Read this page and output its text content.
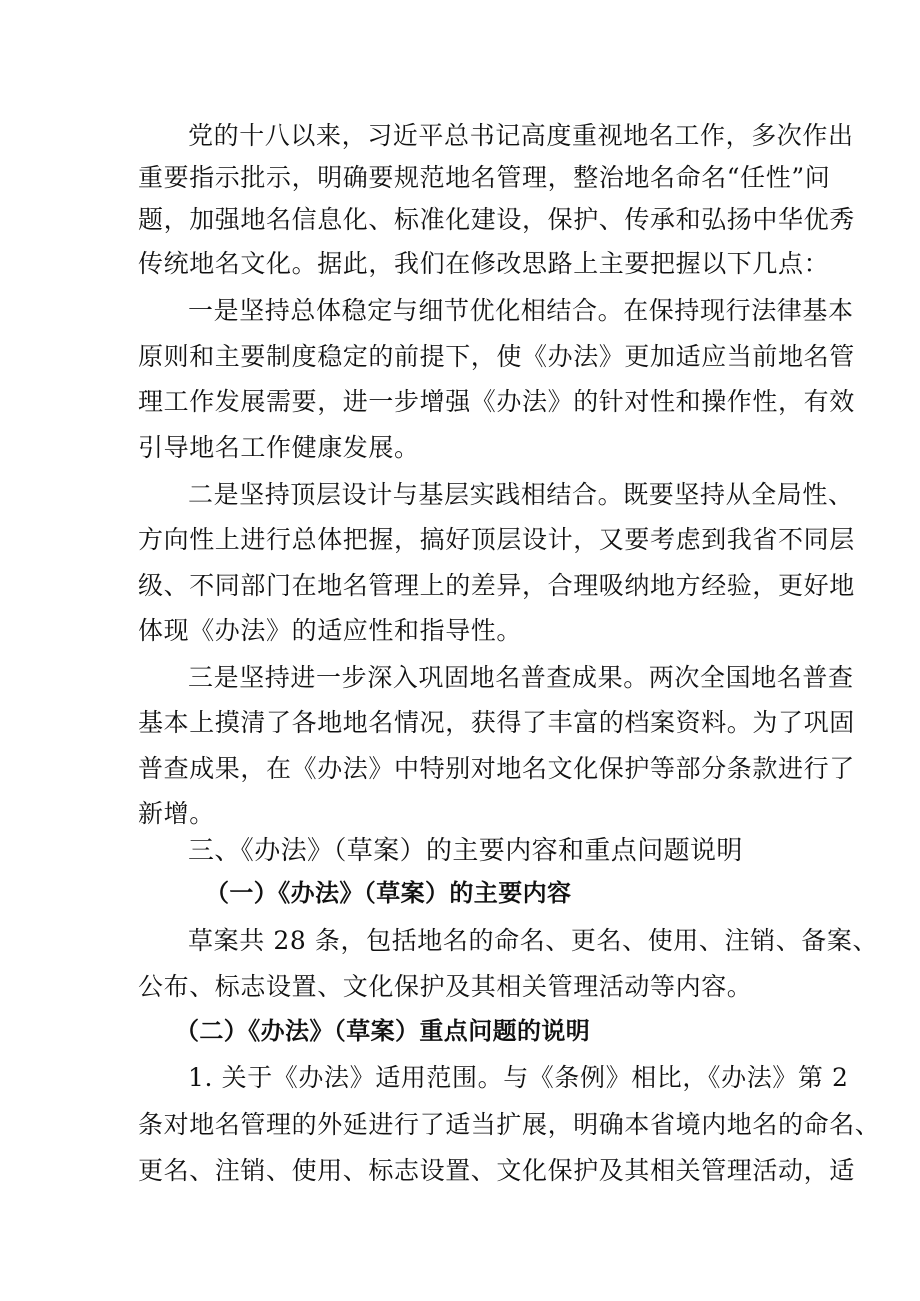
党的十八以来，习近平总书记高度重视地名工作，多次作出
重要指示批示，明确要规范地名管理，整治地名命名“任性”问
题，加强地名信息化、标准化建设，保护、传承和弘扬中华优秀
传统地名文化。据此，我们在修改思路上主要把握以下几点：
一是坚持总体稳定与细节优化相结合。在保持现行法律基本
原则和主要制度稳定的前提下，使《办法》更加适应当前地名管
理工作发展需要，进一步增强《办法》的针对性和操作性，有效
引导地名工作健康发展。
二是坚持顶层设计与基层实践相结合。既要坚持从全局性、
方向性上进行总体把握，搞好顶层设计，又要考虑到我省不同层
级、不同部门在地名管理上的差异，合理吸纳地方经验，更好地
体现《办法》的适应性和指导性。
三是坚持进一步深入巩固地名普查成果。两次全国地名普查
基本上摸清了各地地名情况，获得了丰富的档案资料。为了巩固
普查成果，在《办法》中特别对地名文化保护等部分条款进行了
新增。
三、《办法》（草案）的主要内容和重点问题说明
（一）《办法》（草案）的主要内容
草案共 28 条，包括地名的命名、更名、使用、注销、备案、
公布、标志设置、文化保护及其相关管理活动等内容。
（二）《办法》（草案）重点问题的说明
1. 关于《办法》适用范围。与《条例》相比，《办法》第 2
条对地名管理的外延进行了适当扩展，明确本省境内地名的命名、
更名、注销、使用、标志设置、文化保护及其相关管理活动，适
